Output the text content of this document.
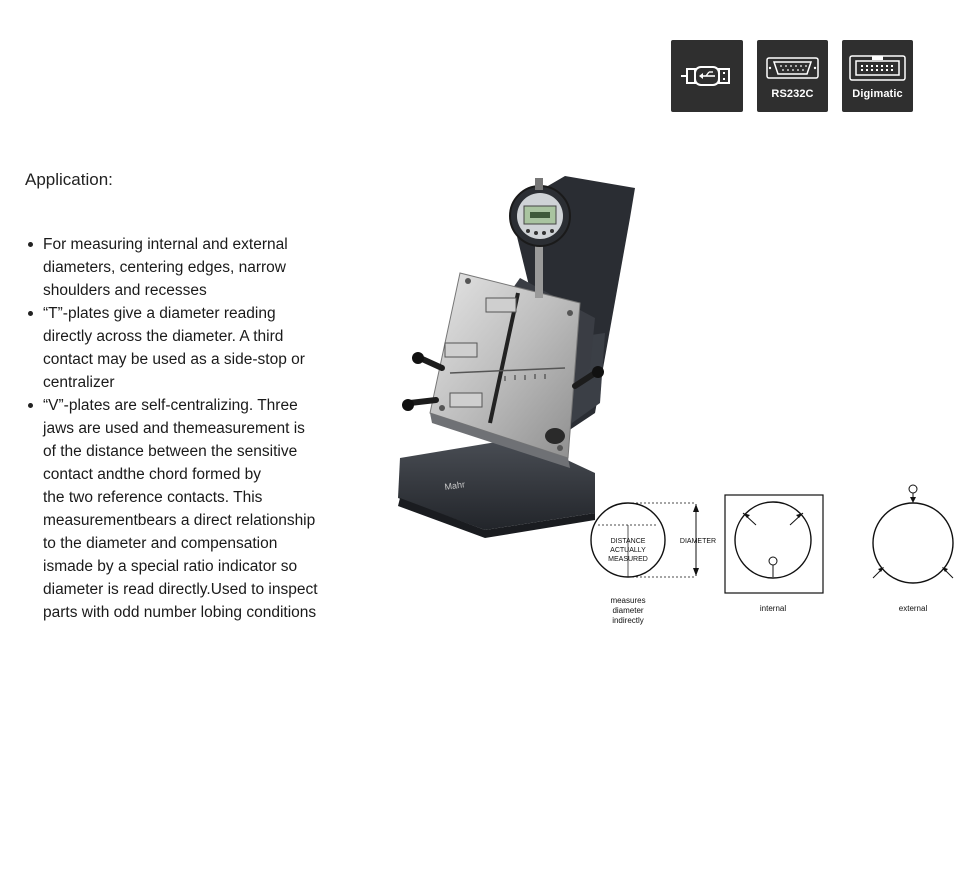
RS232C	Digimatic
Application:
For measuring internal and external
diameters, centering edges, narrow
shoulders and recesses
“T”-plates give a diameter reading
directly across the diameter. A third
contact may be used as a side-stop or
centralizer
“V”-plates are self-centralizing. Three
jaws are used and themeasurement is
of the distance between the sensitive
contact andthe chord formed by
the two reference contacts. This
measurementbears a direct relationship
to the diameter and compensation
ismade by a special ratio indicator so
diameter is read directly.Used to inspect
parts with odd number lobing conditions
Mahr
DISTANCE
ACTUALLY
MEASURED
DIAMETER
measures
diameter
indirectly
internal	external
